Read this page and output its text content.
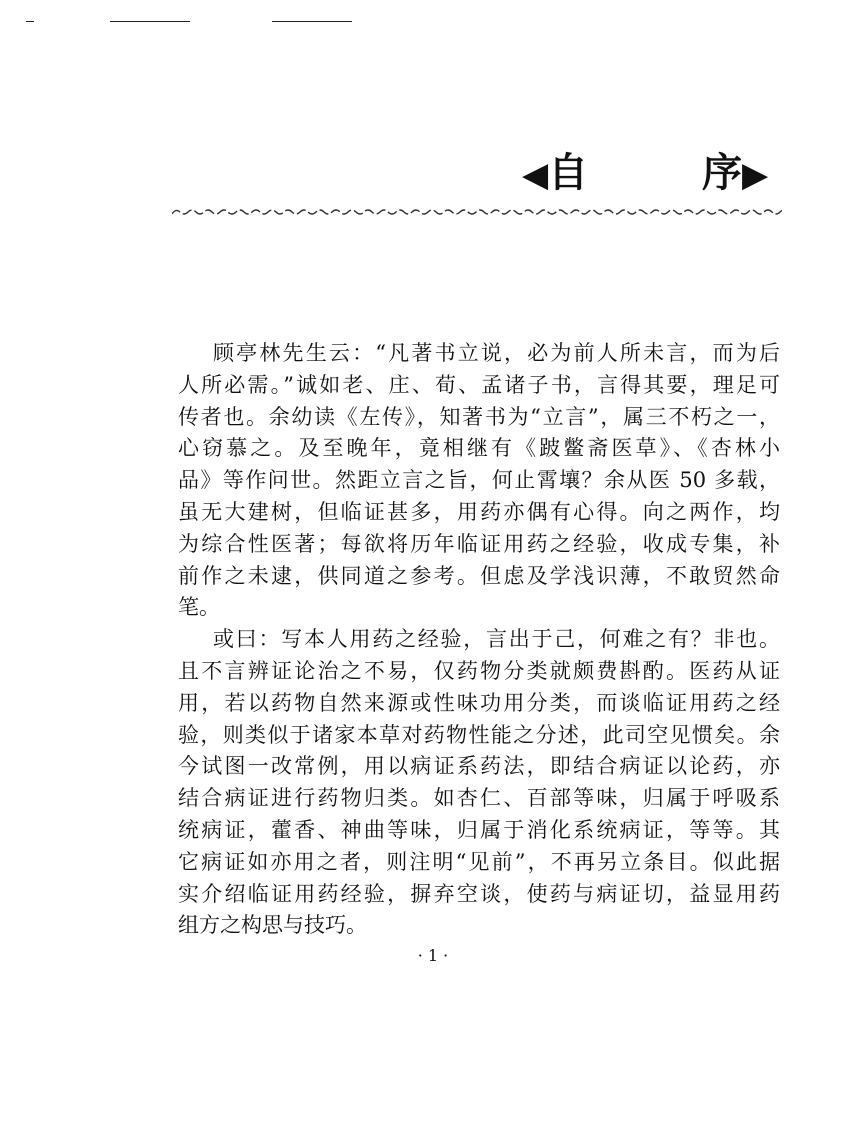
◀自	序▶
顾亭林先生云：“凡著书立说，必为前人所未言，而为后
人所必需。”诚如老、庄、荀、孟诸子书，言得其要，理足可
传者也。余幼读《左传》，知著书为“立言”，属三不朽之一，
心窃慕之。及至晚年，竟相继有《跛鳖斋医草》、《杏林小
品》等作问世。然距立言之旨，何止霄壤？余从医 50 多载，
虽无大建树，但临证甚多，用药亦偶有心得。向之两作，均
为综合性医著；每欲将历年临证用药之经验，收成专集，补
前作之未逮，供同道之参考。但虑及学浅识薄，不敢贸然命
笔。
或曰：写本人用药之经验，言出于己，何难之有？非也。
且不言辨证论治之不易，仅药物分类就颇费斟酌。医药从证
用，若以药物自然来源或性味功用分类，而谈临证用药之经
验，则类似于诸家本草对药物性能之分述，此司空见惯矣。余
今试图一改常例，用以病证系药法，即结合病证以论药，亦
结合病证进行药物归类。如杏仁、百部等味，归属于呼吸系
统病证，藿香、神曲等味，归属于消化系统病证，等等。其
它病证如亦用之者，则注明“见前”，不再另立条目。似此据
实介绍临证用药经验，摒弃空谈，使药与病证切，益显用药
组方之构思与技巧。
· 1 ·
